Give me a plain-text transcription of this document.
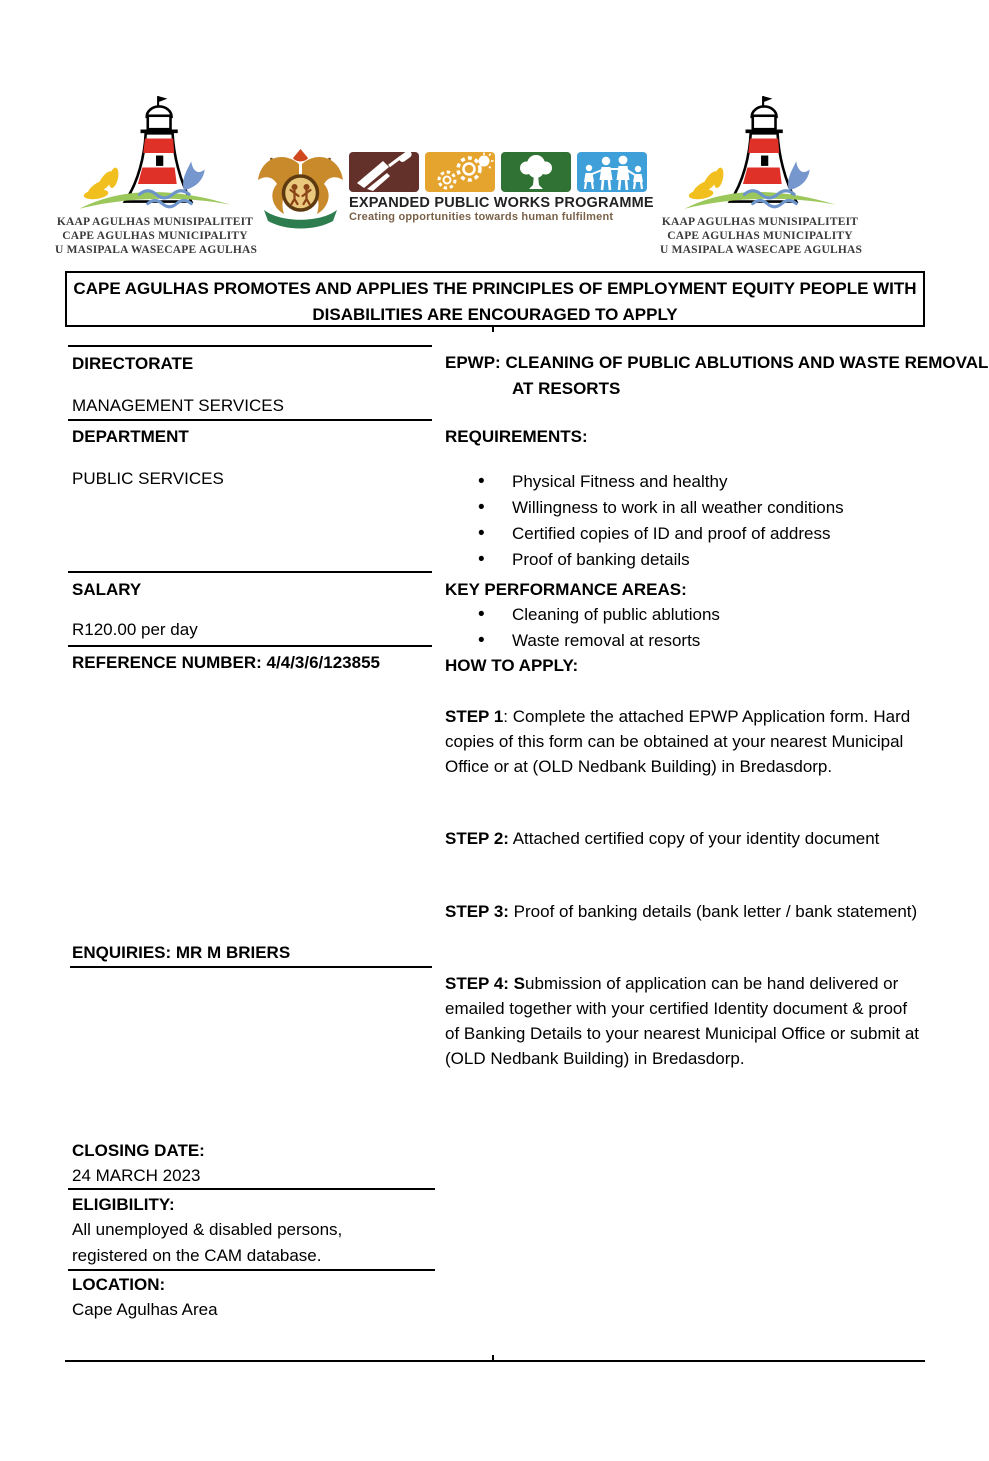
KAAP AGULHAS MUNISIPALITEIT
CAPE AGULHAS MUNICIPALITY
U MASIPALA WASECAPE AGULHAS
EXPANDED PUBLIC WORKS PROGRAMME
Creating opportunities towards human fulfilment	KAAP AGULHAS MUNISIPALITEIT
CAPE AGULHAS MUNICIPALITY
U MASIPALA WASECAPE AGULHAS
CAPE AGULHAS PROMOTES AND APPLIES THE PRINCIPLES OF EMPLOYMENT EQUITY PEOPLE WITH DISABILITIES ARE ENCOURAGED TO APPLY
DIRECTORATE
MANAGEMENT SERVICES
DEPARTMENT
PUBLIC SERVICES
SALARY
R120.00 per day
REFERENCE NUMBER: 4/4/3/6/123855
ENQUIRIES: MR M BRIERS
CLOSING DATE:
24 MARCH 2023
ELIGIBILITY:
All unemployed & disabled persons, registered on the CAM database.
LOCATION:
Cape Agulhas Area
EPWP: CLEANING OF PUBLIC ABLUTIONS AND WASTE REMOVAL AT RESORTS
REQUIREMENTS:
• Physical Fitness and healthy
• Willingness to work in all weather conditions
• Certified copies of ID and proof of address
• Proof of banking details
KEY PERFORMANCE AREAS:
• Cleaning of public ablutions
• Waste removal at resorts
HOW TO APPLY:
STEP 1: Complete the attached EPWP Application form. Hard copies of this form can be obtained at your nearest Municipal Office or at (OLD Nedbank Building) in Bredasdorp.
STEP 2: Attached certified copy of your identity document
STEP 3: Proof of banking details (bank letter / bank statement)
STEP 4: Submission of application can be hand delivered or emailed together with your certified Identity document & proof of Banking Details to your nearest Municipal Office or submit at (OLD Nedbank Building) in Bredasdorp.
